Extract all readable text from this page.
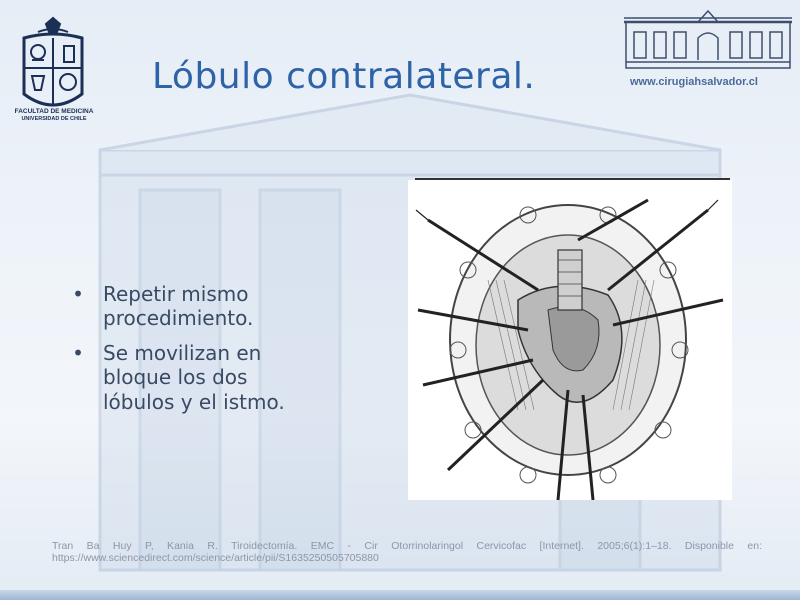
FACULTAD DE MEDICINA
UNIVERSIDAD DE CHILE
Lóbulo contralateral.	www.cirugiahsalvador.cl
• Repetir mismo procedimiento.
• Se movilizan en bloque los dos lóbulos y el istmo.
Tran Ba Huy P, Kania R. Tiroidectomía. EMC - Cir Otorrinolaringol Cervicofac [Internet]. 2005;6(1):1–18. Disponible en: https://www.sciencedirect.com/science/article/pii/S1635250505705880
